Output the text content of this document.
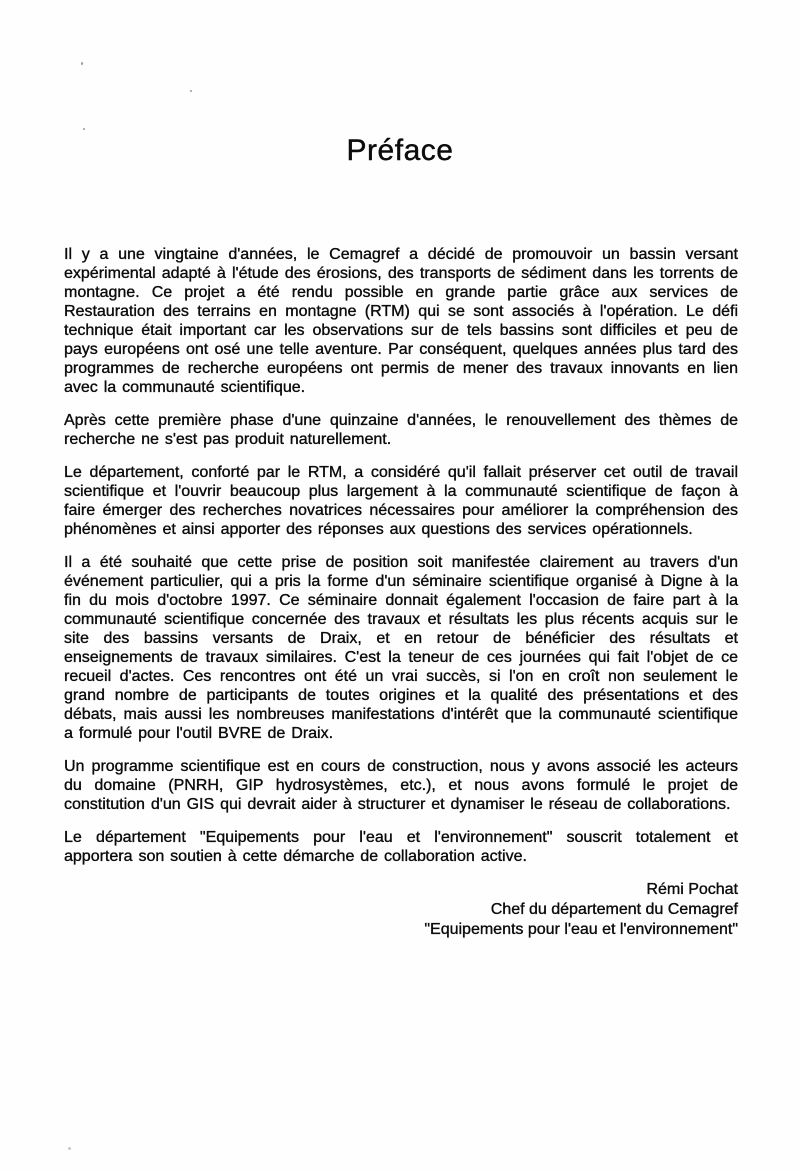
Préface

Il y a une vingtaine d'années, le Cemagref a décidé de promouvoir un bassin versant expérimental adapté à l'étude des érosions, des transports de sédiment dans les torrents de montagne. Ce projet a été rendu possible en grande partie grâce aux services de Restauration des terrains en montagne (RTM) qui se sont associés à l'opération. Le défi technique était important car les observations sur de tels bassins sont difficiles et peu de pays européens ont osé une telle aventure. Par conséquent, quelques années plus tard des programmes de recherche européens ont permis de mener des travaux innovants en lien avec la communauté scientifique.

Après cette première phase d'une quinzaine d'années, le renouvellement des thèmes de recherche ne s'est pas produit naturellement.

Le département, conforté par le RTM, a considéré qu'il fallait préserver cet outil de travail scientifique et l'ouvrir beaucoup plus largement à la communauté scientifique de façon à faire émerger des recherches novatrices nécessaires pour améliorer la compréhension des phénomènes et ainsi apporter des réponses aux questions des services opérationnels.

Il a été souhaité que cette prise de position soit manifestée clairement au travers d'un événement particulier, qui a pris la forme d'un séminaire scientifique organisé à Digne à la fin du mois d'octobre 1997. Ce séminaire donnait également l'occasion de faire part à la communauté scientifique concernée des travaux et résultats les plus récents acquis sur le site des bassins versants de Draix, et en retour de bénéficier des résultats et enseignements de travaux similaires. C'est la teneur de ces journées qui fait l'objet de ce recueil d'actes. Ces rencontres ont été un vrai succès, si l'on en croît non seulement le grand nombre de participants de toutes origines et la qualité des présentations et des débats, mais aussi les nombreuses manifestations d'intérêt que la communauté scientifique a formulé pour l'outil BVRE de Draix.

Un programme scientifique est en cours de construction, nous y avons associé les acteurs du domaine (PNRH, GIP hydrosystèmes, etc.), et nous avons formulé le projet de constitution d'un GIS qui devrait aider à structurer et dynamiser le réseau de collaborations.

Le département "Equipements pour l'eau et l'environnement" souscrit totalement et apportera son soutien à cette démarche de collaboration active.

Rémi Pochat
Chef du département du Cemagref
"Equipements pour l'eau et l'environnement"
